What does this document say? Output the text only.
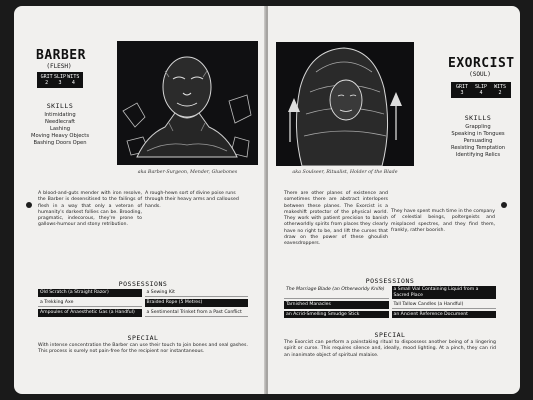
BARBER
(FLESH)
GRIT SLIP WITS
2	3	4
SKILLS
Intimidating
Needlecraft
Lashing
Moving Heavy Objects
Bashing Doors Open
aka Barber-Surgeon, Mender, Gluebones
A blood-and-guts mender with iron resolve, the Barber is desensitised to the failings of flesh in a way that only a veteran of humanity's darkest follies can be. Brooding, pragmatic, indecorous, they're prone to gallows-humour and stony retribution.
A rough-hewn sort of divine poise runs through their heavy arms and calloused hands.
POSSESSIONS
Old Scratch (a Straight Razor)	a Sewing Kit
a Trekking Axe	Braided Rope (5 Metres)
Ampoules of Anaesthetic Gas (a Handful)	a Sentimental Trinket from a Past Conflict
SPECIAL
With intense concentration the Barber can use their touch to join bones and seal gashes. This process is surely not pain-free for the recipient nor instantaneous.
aka Soulseer, Ritualist, Holder of the Blade
EXORCIST
(SOUL)
GRIT	SLIP	WITS
3	4	2
SKILLS
Grappling
Speaking in Tongues
Persuading
Resisting Temptation
Identifying Relics
There are other planes of existence and sometimes there are abstract interlopers between these planes. The Exorcist is a makeshift protector of the physical world. They work with patient precision to banish otherworldly spirits from places they clearly have no right to be, and lift the curses that draw on the power of these ghoulish eavesdroppers.
They have spent much time in the company of celestial beings, poltergeists and misplaced spectres, and they find them, frankly, rather boorish.
POSSESSIONS
The Marriage Blade (an Otherworldy Knife)	a Small Vial Containing Liquid from a Sacred Place
Tarnished Manacles	Tall Tallow Candles (a Handful)
an Acrid-Smelling Smudge Stick	an Ancient Reference Document
SPECIAL
The Exorcist can perform a painstaking ritual to dispossess another being of a lingering spirit or curse. This requires silence and, ideally, mood lighting. At a pinch, they can rid an inanimate object of spiritual malaise.
